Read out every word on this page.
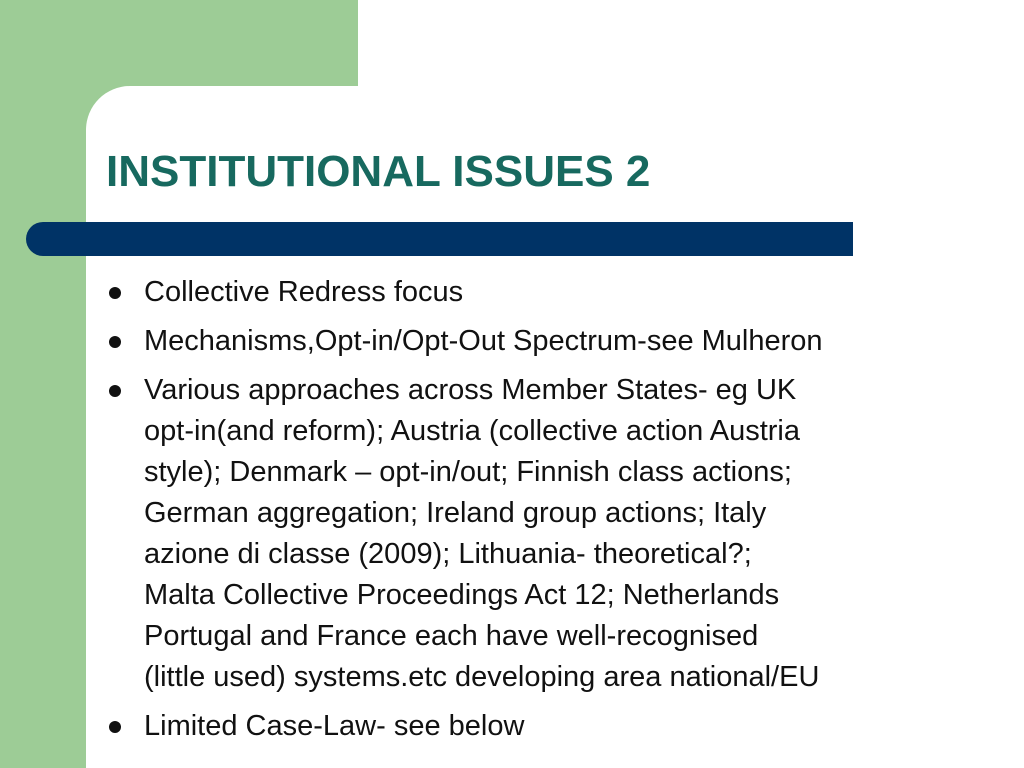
INSTITUTIONAL ISSUES 2
Collective Redress focus
Mechanisms,Opt-in/Opt-Out Spectrum-see Mulheron
Various approaches across Member States- eg UK
opt-in(and reform); Austria (collective action Austria
style); Denmark – opt-in/out; Finnish class actions;
German aggregation; Ireland group actions; Italy
azione di classe (2009); Lithuania- theoretical?;
Malta Collective Proceedings Act 12; Netherlands
Portugal and France each have well-recognised
(little used) systems.etc developing area national/EU
Limited Case-Law- see below
